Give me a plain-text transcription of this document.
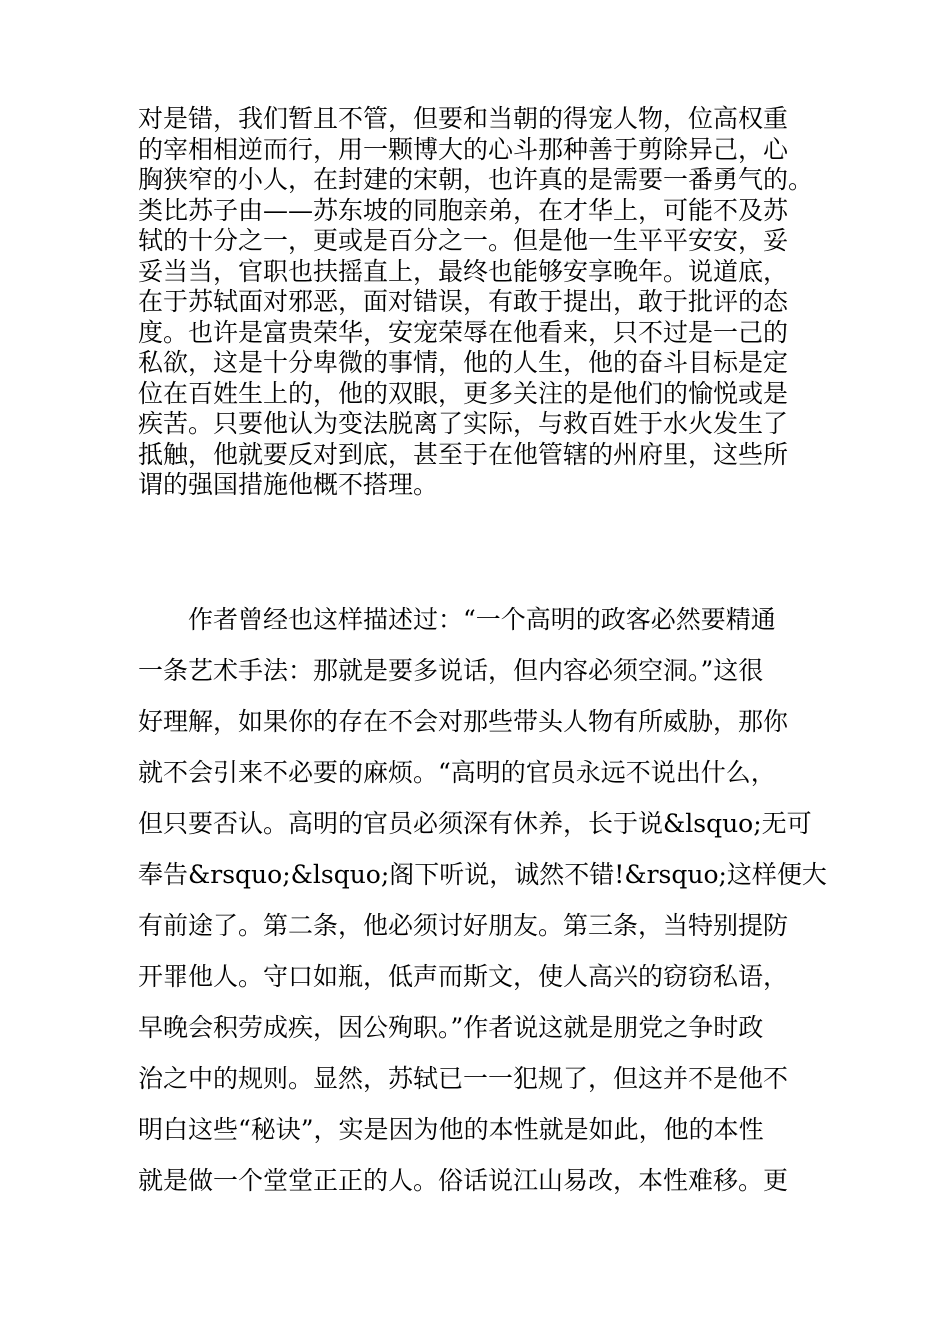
对是错，我们暂且不管，但要和当朝的得宠人物，位高权重
的宰相相逆而行，用一颗博大的心斗那种善于剪除异己，心
胸狭窄的小人，在封建的宋朝，也许真的是需要一番勇气的。
类比苏子由——苏东坡的同胞亲弟，在才华上，可能不及苏
轼的十分之一，更或是百分之一。但是他一生平平安安，妥
妥当当，官职也扶摇直上，最终也能够安享晚年。说道底，
在于苏轼面对邪恶，面对错误，有敢于提出，敢于批评的态
度。也许是富贵荣华，安宠荣辱在他看来，只不过是一己的
私欲，这是十分卑微的事情，他的人生，他的奋斗目标是定
位在百姓生上的，他的双眼，更多关注的是他们的愉悦或是
疾苦。只要他认为变法脱离了实际，与救百姓于水火发生了
抵触，他就要反对到底，甚至于在他管辖的州府里，这些所
谓的强国措施他概不搭理。
作者曾经也这样描述过：“一个高明的政客必然要精通
一条艺术手法：那就是要多说话，但内容必须空洞。”这很
好理解，如果你的存在不会对那些带头人物有所威胁，那你
就不会引来不必要的麻烦。“高明的官员永远不说出什么，
但只要否认。高明的官员必须深有休养，长于说&lsquo;无可
奉告&rsquo;&lsquo;阁下听说，诚然不错!&rsquo;这样便大
有前途了。第二条，他必须讨好朋友。第三条，当特别提防
开罪他人。守口如瓶，低声而斯文，使人高兴的窃窃私语，
早晚会积劳成疾，因公殉职。”作者说这就是朋党之争时政
治之中的规则。显然，苏轼已一一犯规了，但这并不是他不
明白这些“秘诀”，实是因为他的本性就是如此，他的本性
就是做一个堂堂正正的人。俗话说江山易改，本性难移。更
